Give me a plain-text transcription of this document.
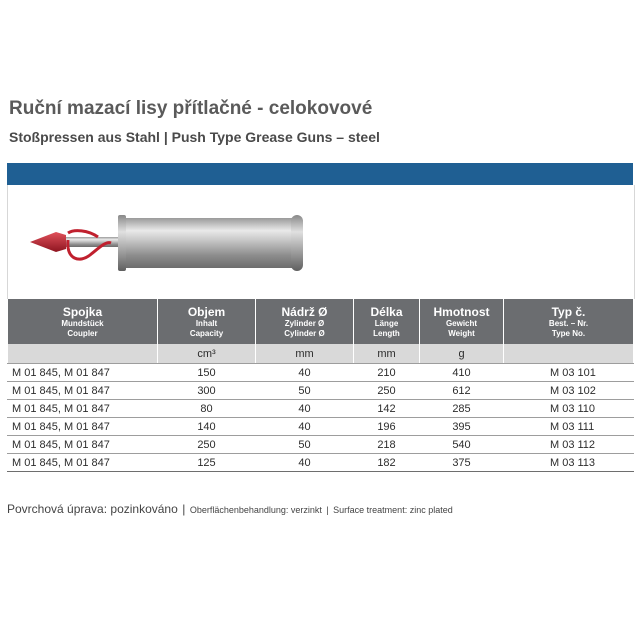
Ruční mazací lisy přítlačné - celokovové
Stoßpressen aus Stahl | Push Type Grease Guns – steel
Spojka
Mundstück
Coupler	Objem
Inhalt
Capacity	Nádrž Ø
Zylinder Ø
Cylinder Ø	Délka
Länge
Length	Hmotnost
Gewicht
Weight	Typ č.
Best. – Nr.
Type No.

	cm³	mm	mm	g	
M 01 845, M 01 847	150	40	210	410	M 03 101
M 01 845, M 01 847	300	50	250	612	M 03 102
M 01 845, M 01 847	80	40	142	285	M 03 110
M 01 845, M 01 847	140	40	196	395	M 03 111
M 01 845, M 01 847	250	50	218	540	M 03 112
M 01 845, M 01 847	125	40	182	375	M 03 113
Povrchová úprava: pozinkováno | Oberflächenbehandlung: verzinkt | Surface treatment: zinc plated
